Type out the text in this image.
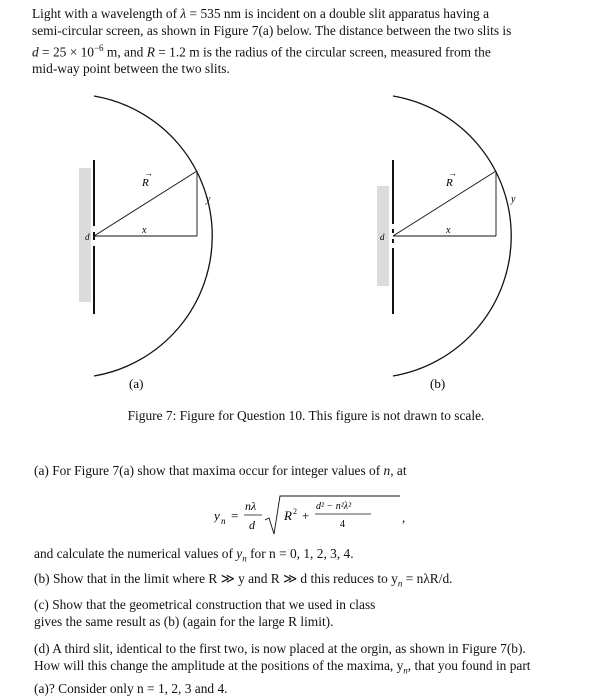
Light with a wavelength of λ = 535 nm is incident on a double slit apparatus having a
semi-circular screen, as shown in Figure 7(a) below. The distance between the two slits is
$d = 25 \times 10^{-6}$ m, and R = 1.2 m is the radius of the circular screen, measured from the
mid-way point between the two slits.
R
→
y
x
d
(a)
R
→
y
x
d
(b)
Figure 7: Figure for Question 10. This figure is not drawn to scale.
(a) For Figure 7(a) show that maxima occur for integer values of n, at
y n =
nλ
d
R 2 +
d² − n²λ²
4	,
and calculate the numerical values of $y_n$ for n = 0, 1, 2, 3, 4.
(b) Show that in the limit where R ≫ y and R ≫ d this reduces to $y_n = n\lambda R/d$.
(c) Show that the geometrical construction that we used in class
gives the same result as (b) (again for the large R limit).
(d) A third slit, identical to the first two, is now placed at the orgin, as shown in Figure 7(b).
How will this change the amplitude at the positions of the maxima, $y_n$, that you found in part
(a)? Consider only n = 1, 2, 3 and 4.
